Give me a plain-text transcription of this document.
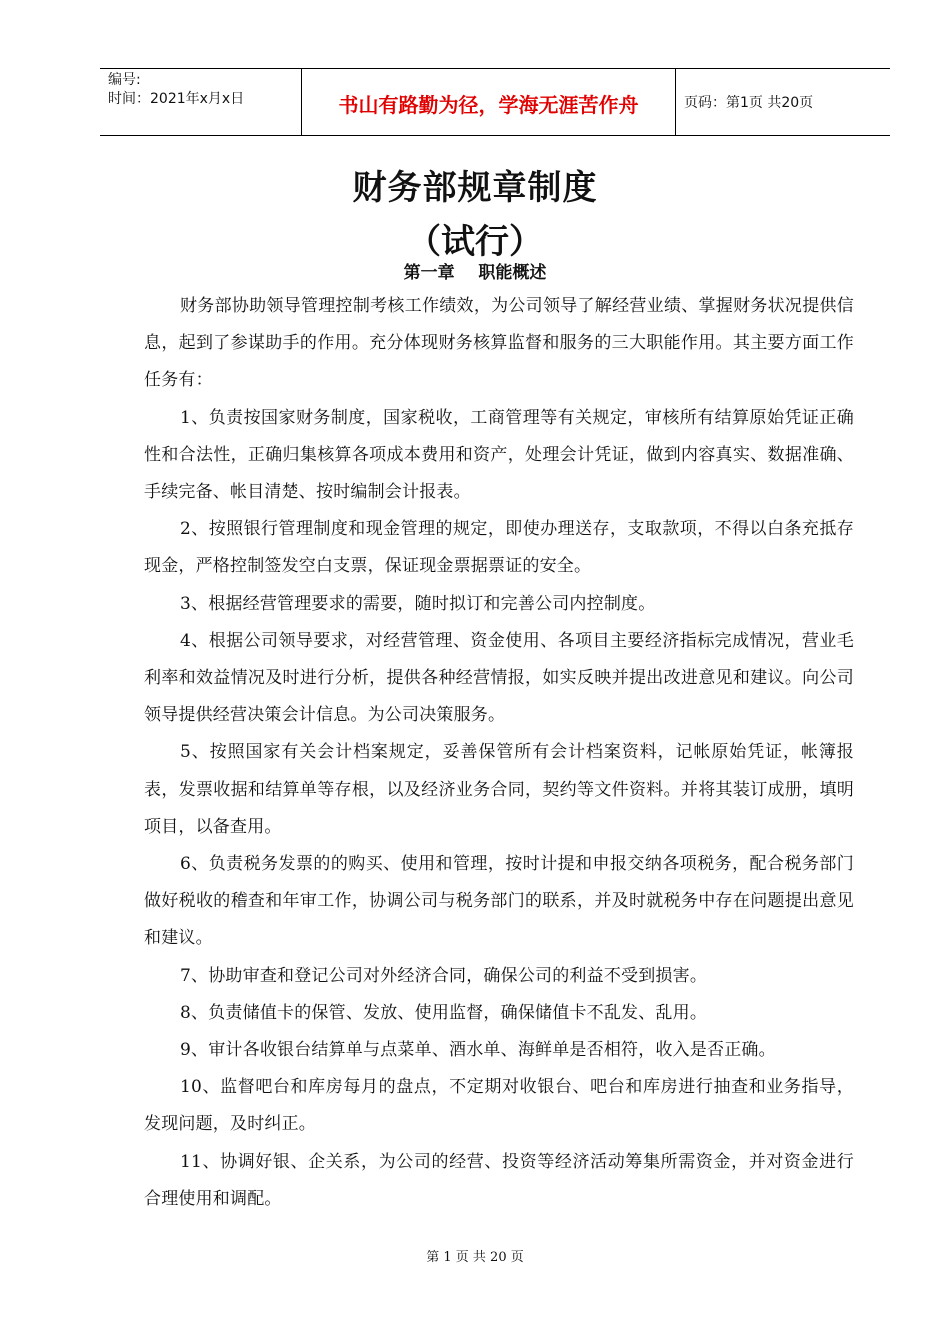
编号:
时间：2021年x月x日	书山有路勤为径，学海无涯苦作舟	页码：第1页 共20页
财务部规章制度
（试行）
第一章    职能概述

财务部协助领导管理控制考核工作绩效，为公司领导了解经营业绩、掌握财务状况提供信息，起到了参谋助手的作用。充分体现财务核算监督和服务的三大职能作用。其主要方面工作任务有：

1、负责按国家财务制度，国家税收，工商管理等有关规定，审核所有结算原始凭证正确性和合法性，正确归集核算各项成本费用和资产，处理会计凭证，做到内容真实、数据准确、手续完备、帐目清楚、按时编制会计报表。

2、按照银行管理制度和现金管理的规定，即使办理送存，支取款项，不得以白条充抵存现金，严格控制签发空白支票，保证现金票据票证的安全。

3、根据经营管理要求的需要，随时拟订和完善公司内控制度。

4、根据公司领导要求，对经营管理、资金使用、各项目主要经济指标完成情况，营业毛利率和效益情况及时进行分析，提供各种经营情报，如实反映并提出改进意见和建议。向公司领导提供经营决策会计信息。为公司决策服务。

5、按照国家有关会计档案规定，妥善保管所有会计档案资料，记帐原始凭证，帐簿报表，发票收据和结算单等存根，以及经济业务合同，契约等文件资料。并将其装订成册，填明项目，以备查用。

6、负责税务发票的的购买、使用和管理，按时计提和申报交纳各项税务，配合税务部门做好税收的稽查和年审工作，协调公司与税务部门的联系，并及时就税务中存在问题提出意见和建议。

7、协助审查和登记公司对外经济合同，确保公司的利益不受到损害。

8、负责储值卡的保管、发放、使用监督，确保储值卡不乱发、乱用。

9、审计各收银台结算单与点菜单、酒水单、海鲜单是否相符，收入是否正确。

10、监督吧台和库房每月的盘点，不定期对收银台、吧台和库房进行抽查和业务指导，发现问题，及时纠正。

11、协调好银、企关系，为公司的经营、投资等经济活动筹集所需资金，并对资金进行合理使用和调配。

第 1 页 共 20 页
